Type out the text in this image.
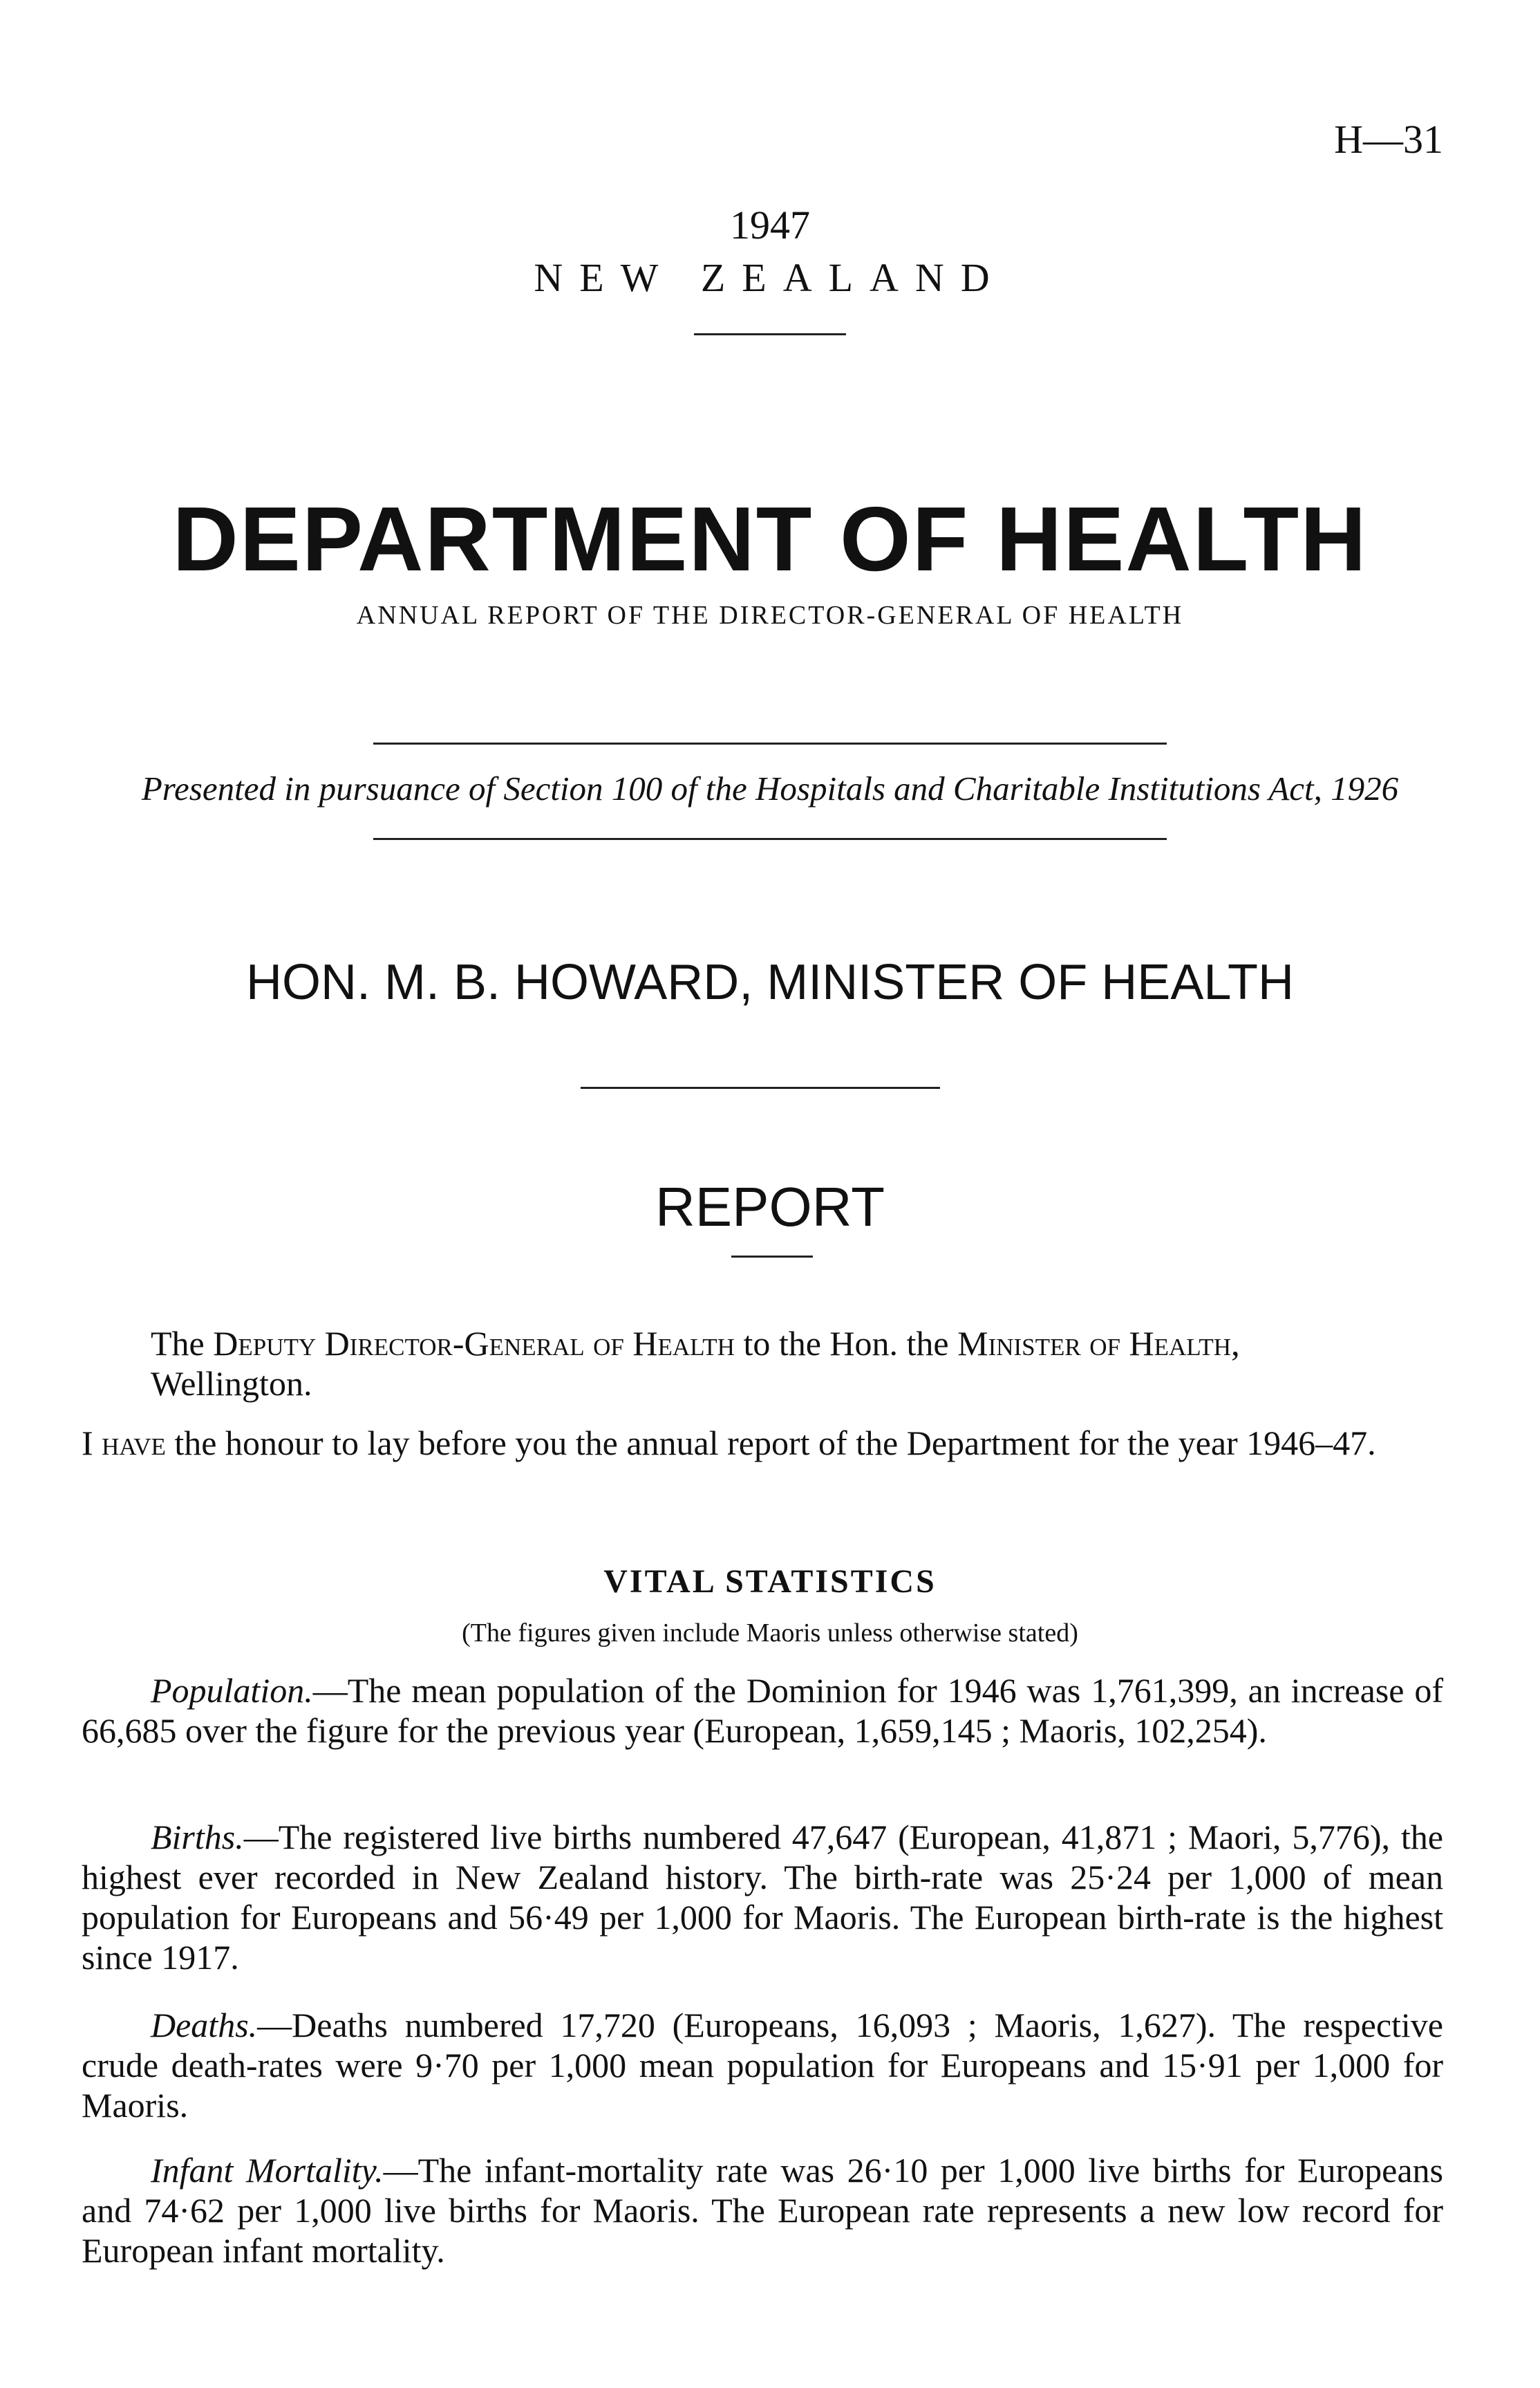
H—31
1947
NEW ZEALAND
DEPARTMENT OF HEALTH
ANNUAL REPORT OF THE DIRECTOR-GENERAL OF HEALTH
Presented in pursuance of Section 100 of the Hospitals and Charitable Institutions Act, 1926
HON. M. B. HOWARD, MINISTER OF HEALTH
REPORT
The Deputy Director-General of Health to the Hon. the Minister of Health,
Wellington.
I have the honour to lay before you the annual report of the Department for the year 1946–47.
VITAL STATISTICS
(The figures given include Maoris unless otherwise stated)
Population.—The mean population of the Dominion for 1946 was 1,761,399, an increase of 66,685 over the figure for the previous year (European, 1,659,145 ; Maoris, 102,254).
Births.—The registered live births numbered 47,647 (European, 41,871 ; Maori, 5,776), the highest ever recorded in New Zealand history. The birth-rate was 25·24 per 1,000 of mean population for Europeans and 56·49 per 1,000 for Maoris. The European birth-rate is the highest since 1917.
Deaths.—Deaths numbered 17,720 (Europeans, 16,093 ; Maoris, 1,627). The respective crude death-rates were 9·70 per 1,000 mean population for Europeans and 15·91 per 1,000 for Maoris.
Infant Mortality.—The infant-mortality rate was 26·10 per 1,000 live births for Europeans and 74·62 per 1,000 live births for Maoris. The European rate represents a new low record for European infant mortality.
